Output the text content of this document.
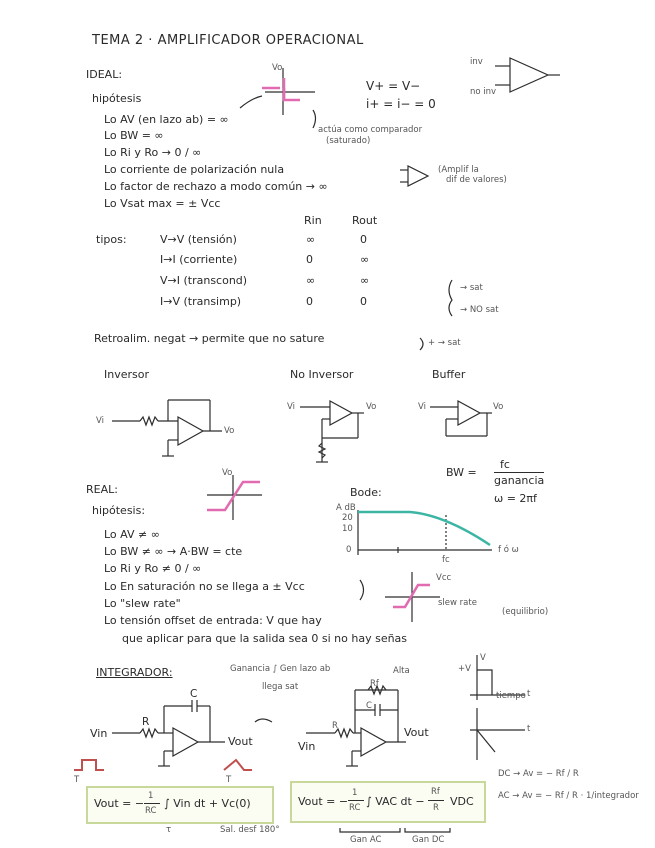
TEMA 2 · AMPLIFICADOR OPERACIONAL
IDEAL:
hipótesis
Lo AV (en lazo ab) = ∞
Lo BW = ∞
Lo Ri y Ro → 0 / ∞
Lo corriente de polarización nula
Lo factor de rechazo a modo común → ∞
Lo Vsat max = ± Vcc
Vo
V+ = V−
i+ = i− = 0
actúa como comparador
(saturado)
inv
no inv
(Amplif la
dif de valores)
Rin	Rout
tipos:	V→V (tensión)	∞	0
I→I (corriente)	0	∞
V→I (transcond)	∞	∞
I→V (transimp)	0	0
→ sat
→ NO sat
Retroalim. negat → permite que no sature	+ → sat
Inversor	No Inversor	Buffer
Vi
Vo
Vi	Vo	Vi	Vo
REAL:
hipótesis:
Lo AV ≠ ∞
Lo BW ≠ ∞ → A·BW = cte
Lo Ri y Ro ≠ 0 / ∞
Lo En saturación no se llega a ± Vcc
Lo "slew rate"
Lo tensión offset de entrada: V que hay
que aplicar para que la salida sea 0 si no hay señas
(equilibrio)
Vo
Vcc
slew rate
Bode:
A dB
20
10
0
fc
f ó ω
BW =
fc
ganancia
ω = 2πf
INTEGRADOR:	Ganancia ∫ Gen lazo ab
llega sat
Alta
Rf
C
R
C
R
Vin
Vout	Vin
Vout
+V
V
t
tiempo
t
T	T
DC → Av = − Rf / R
AC → Av = − Rf / R · 1/integrador
Vout = −
1
RC
∫ Vin dt + Vc(0)	Vout = −
1
RC ∫ VAC dt −
Rf
R VDC
τ	Sal. desf 180°
Gan AC	Gan DC
